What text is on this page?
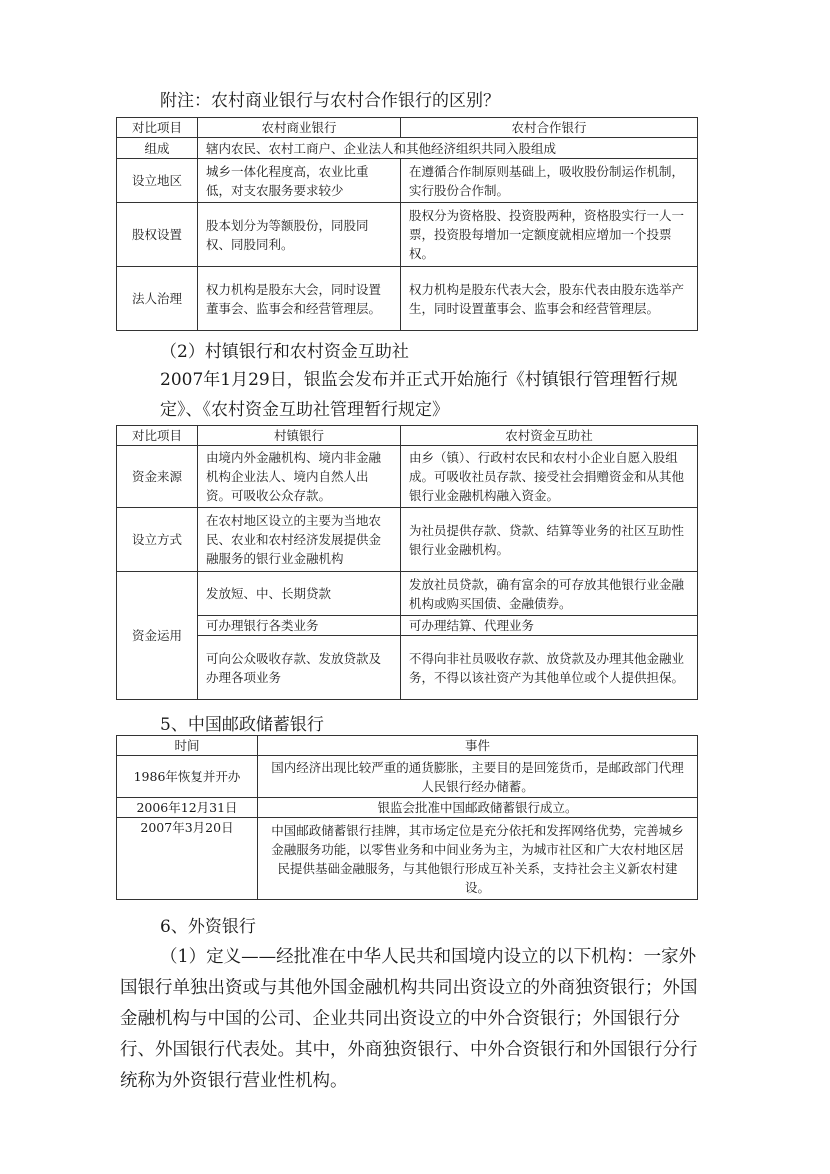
附注：农村商业银行与农村合作银行的区别？
对比项目	农村商业银行	农村合作银行
组成	辖内农民、农村工商户、企业法人和其他经济组织共同入股组成	
设立地区	城乡一体化程度高，农业比重低，对支农服务要求较少	在遵循合作制原则基础上，吸收股份制运作机制，实行股份合作制。
股权设置	股本划分为等额股份，同股同权、同股同利。	股权分为资格股、投资股两种，资格股实行一人一票，投资股每增加一定额度就相应增加一个投票权。
法人治理	权力机构是股东大会，同时设置董事会、监事会和经营管理层。	权力机构是股东代表大会，股东代表由股东选举产生，同时设置董事会、监事会和经营管理层。
（2）村镇银行和农村资金互助社
2007年1月29日，银监会发布并正式开始施行《村镇银行管理暂行规定》、《农村资金互助社管理暂行规定》
对比项目	村镇银行	农村资金互助社
资金来源	由境内外金融机构、境内非金融机构企业法人、境内自然人出资。可吸收公众存款。	由乡（镇）、行政村农民和农村小企业自愿入股组成。可吸收社员存款、接受社会捐赠资金和从其他银行业金融机构融入资金。
设立方式	在农村地区设立的主要为当地农民、农业和农村经济发展提供金融服务的银行业金融机构	为社员提供存款、贷款、结算等业务的社区互助性银行业金融机构。
资金运用	发放短、中、长期贷款	发放社员贷款，确有富余的可存放其他银行业金融机构或购买国债、金融债券。
	可办理银行各类业务	可办理结算、代理业务
	可向公众吸收存款、发放贷款及办理各项业务	不得向非社员吸收存款、放贷款及办理其他金融业务，不得以该社资产为其他单位或个人提供担保。
5、中国邮政储蓄银行
时间	事件
1986年恢复并开办	国内经济出现比较严重的通货膨胀，主要目的是回笼货币，是邮政部门代理人民银行经办储蓄。
2006年12月31日	银监会批准中国邮政储蓄银行成立。
2007年3月20日	中国邮政储蓄银行挂牌，其市场定位是充分依托和发挥网络优势，完善城乡金融服务功能，以零售业务和中间业务为主，为城市社区和广大农村地区居民提供基础金融服务，与其他银行形成互补关系，支持社会主义新农村建设。
6、外资银行
（1）定义——经批准在中华人民共和国境内设立的以下机构：一家外国银行单独出资或与其他外国金融机构共同出资设立的外商独资银行；外国金融机构与中国的公司、企业共同出资设立的中外合资银行；外国银行分行、外国银行代表处。其中，外商独资银行、中外合资银行和外国银行分行统称为外资银行营业性机构。
